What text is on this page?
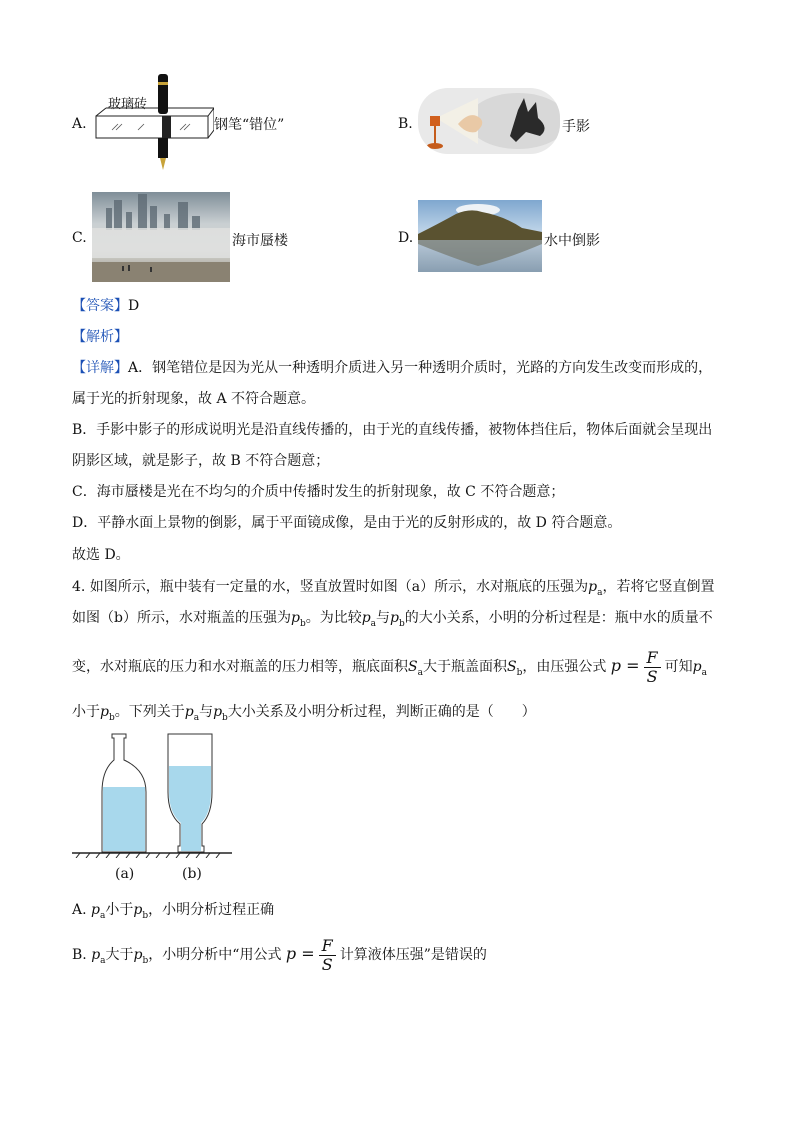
A.
玻璃砖
钢笔“错位”	B.	手影
C.	海市蜃楼	D.	水中倒影
【答案】D
【解析】
【详解】A．钢笔错位是因为光从一种透明介质进入另一种透明介质时，光路的方向发生改变而形成的，
属于光的折射现象，故 A 不符合题意。
B．手影中影子的形成说明光是沿直线传播的，由于光的直线传播，被物体挡住后，物体后面就会呈现出
阴影区域，就是影子，故 B 不符合题意；
C．海市蜃楼是光在不均匀的介质中传播时发生的折射现象，故 C 不符合题意；
D．平静水面上景物的倒影，属于平面镜成像，是由于光的反射形成的，故 D 符合题意。
故选 D。
4. 如图所示，瓶中装有一定量的水，竖直放置时如图（a）所示，水对瓶底的压强为$p_a$，若将它竖直倒置
如图（b）所示，水对瓶盖的压强为$p_b$。为比较$p_a$与$p_b$的大小关系，小明的分析过程是：瓶中水的质量不
变，水对瓶底的压力和水对瓶盖的压力相等，瓶底面积$S_a$大于瓶盖面积$S_b$，由压强公式 $p = \frac{F}{S}$ 可知$p_a$
小于$p_b$。下列关于$p_a$与$p_b$大小关系及小明分析过程，判断正确的是（　　）
(a)	(b)
A. $p_a$小于$p_b$，小明分析过程正确
B. $p_a$大于$p_b$，小明分析中“用公式 $p = \frac{F}{S}$ 计算液体压强”是错误的
